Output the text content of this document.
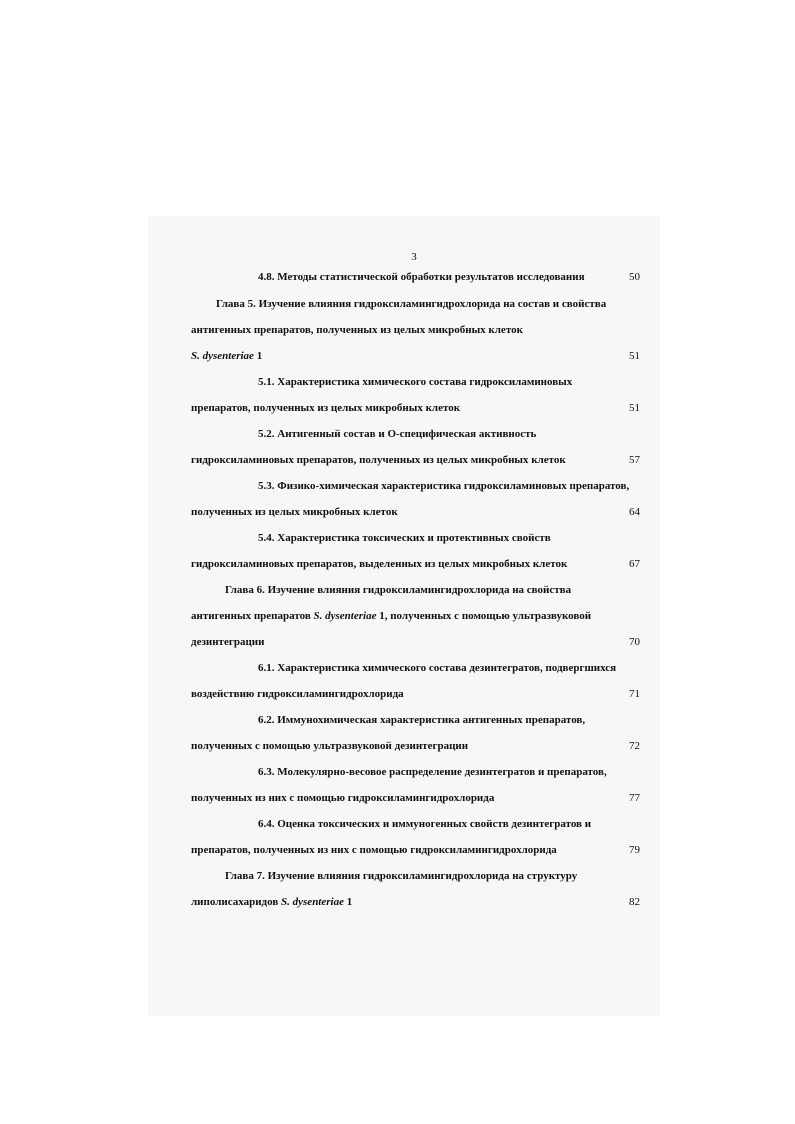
3
4.8. Методы статистической обработки результатов исследования	50
Глава 5. Изучение влияния гидроксиламингидрохлорида на состав и свойства
антигенных препаратов, полученных из целых микробных клеток
S. dysenteriae 1	51
5.1. Характеристика химического состава гидроксиламиновых
препаратов, полученных из целых микробных клеток	51
5.2. Антигенный состав и О-специфическая активность
гидроксиламиновых препаратов, полученных из целых микробных клеток	57
5.3. Физико-химическая характеристика гидроксиламиновых препаратов,
полученных из целых микробных клеток	64
5.4. Характеристика токсических и протективных свойств
гидроксиламиновых препаратов, выделенных из целых микробных клеток	67
Глава 6. Изучение влияния гидроксиламингидрохлорида на свойства
антигенных препаратов S. dysenteriae 1, полученных с помощью ультразвуковой
дезинтеграции	70
6.1. Характеристика химического состава дезинтегратов, подвергшихся
воздействию гидроксиламингидрохлорида	71
6.2. Иммунохимическая характеристика антигенных препаратов,
полученных с помощью ультразвуковой дезинтеграции	72
6.3. Молекулярно-весовое распределение дезинтегратов и препаратов,
полученных из них с помощью гидроксиламингидрохлорида	77
6.4. Оценка токсических и иммуногенных свойств дезинтегратов и
препаратов, полученных из них с помощью гидроксиламингидрохлорида	79
Глава 7. Изучение влияния гидроксиламингидрохлорида на структуру
липолисахаридов S. dysenteriae 1	82
